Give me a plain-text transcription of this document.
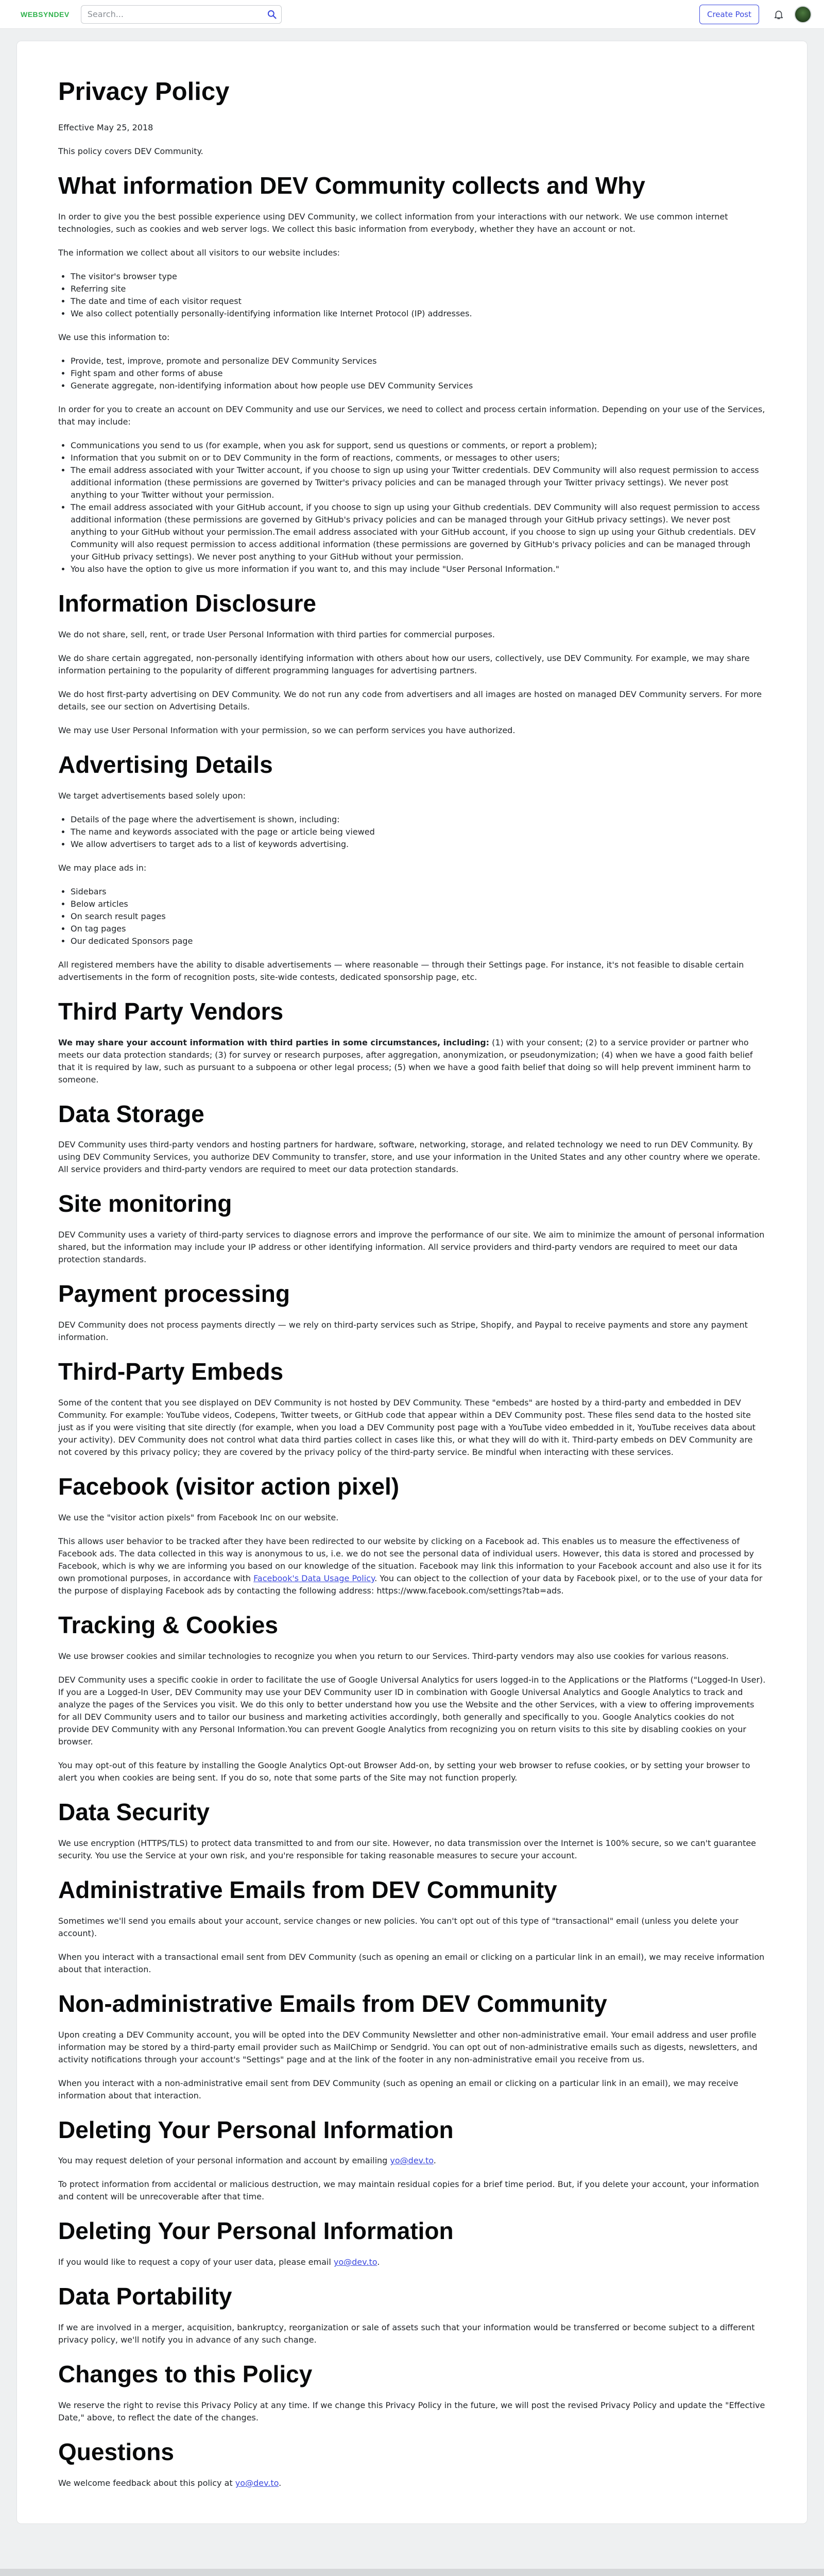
WEBSYNDEV
Search...	Create Post
Privacy Policy

Effective May 25, 2018

This policy covers DEV Community.

What information DEV Community collects and Why

In order to give you the best possible experience using DEV Community, we collect information from your interactions with our network. We use common internet technologies, such as cookies and web server logs. We collect this basic information from everybody, whether they have an account or not.

The information we collect about all visitors to our website includes:

• The visitor's browser type
• Referring site
• The date and time of each visitor request
• We also collect potentially personally-identifying information like Internet Protocol (IP) addresses.

We use this information to:

• Provide, test, improve, promote and personalize DEV Community Services
• Fight spam and other forms of abuse
• Generate aggregate, non-identifying information about how people use DEV Community Services

In order for you to create an account on DEV Community and use our Services, we need to collect and process certain information. Depending on your use of the Services, that may include:

• Communications you send to us (for example, when you ask for support, send us questions or comments, or report a problem);
• Information that you submit on or to DEV Community in the form of reactions, comments, or messages to other users;
• The email address associated with your Twitter account, if you choose to sign up using your Twitter credentials. DEV Community will also request permission to access additional information (these permissions are governed by Twitter's privacy policies and can be managed through your Twitter privacy settings). We never post anything to your Twitter without your permission.
• The email address associated with your GitHub account, if you choose to sign up using your Github credentials. DEV Community will also request permission to access additional information (these permissions are governed by GitHub's privacy policies and can be managed through your GitHub privacy settings). We never post anything to your GitHub without your permission.The email address associated with your GitHub account, if you choose to sign up using your Github credentials. DEV Community will also request permission to access additional information (these permissions are governed by GitHub's privacy policies and can be managed through your GitHub privacy settings). We never post anything to your GitHub without your permission.
• You also have the option to give us more information if you want to, and this may include "User Personal Information."
Information Disclosure

We do not share, sell, rent, or trade User Personal Information with third parties for commercial purposes.

We do share certain aggregated, non-personally identifying information with others about how our users, collectively, use DEV Community. For example, we may share information pertaining to the popularity of different programming languages for advertising partners.

We do host first-party advertising on DEV Community. We do not run any code from advertisers and all images are hosted on managed DEV Community servers. For more details, see our section on Advertising Details.

We may use User Personal Information with your permission, so we can perform services you have authorized.

Advertising Details

We target advertisements based solely upon:

• Details of the page where the advertisement is shown, including:
• The name and keywords associated with the page or article being viewed
• We allow advertisers to target ads to a list of keywords advertising.

We may place ads in:

• Sidebars
• Below articles
• On search result pages
• On tag pages
• Our dedicated Sponsors page

All registered members have the ability to disable advertisements — where reasonable — through their Settings page. For instance, it's not feasible to disable certain advertisements in the form of recognition posts, site-wide contests, dedicated sponsorship page, etc.

Third Party Vendors

We may share your account information with third parties in some circumstances, including: (1) with your consent; (2) to a service provider or partner who meets our data protection standards; (3) for survey or research purposes, after aggregation, anonymization, or pseudonymization; (4) when we have a good faith belief that it is required by law, such as pursuant to a subpoena or other legal process; (5) when we have a good faith belief that doing so will help prevent imminent harm to someone.

Data Storage

DEV Community uses third-party vendors and hosting partners for hardware, software, networking, storage, and related technology we need to run DEV Community. By using DEV Community Services, you authorize DEV Community to transfer, store, and use your information in the United States and any other country where we operate. All service providers and third-party vendors are required to meet our data protection standards.

Site monitoring

DEV Community uses a variety of third-party services to diagnose errors and improve the performance of our site. We aim to minimize the amount of personal information shared, but the information may include your IP address or other identifying information. All service providers and third-party vendors are required to meet our data protection standards.

Payment processing

DEV Community does not process payments directly — we rely on third-party services such as Stripe, Shopify, and Paypal to receive payments and store any payment information.

Third-Party Embeds

Some of the content that you see displayed on DEV Community is not hosted by DEV Community. These "embeds" are hosted by a third-party and embedded in DEV Community. For example: YouTube videos, Codepens, Twitter tweets, or GitHub code that appear within a DEV Community post. These files send data to the hosted site just as if you were visiting that site directly (for example, when you load a DEV Community post page with a YouTube video embedded in it, YouTube receives data about your activity). DEV Community does not control what data third parties collect in cases like this, or what they will do with it. Third-party embeds on DEV Community are not covered by this privacy policy; they are covered by the privacy policy of the third-party service. Be mindful when interacting with these services.

Facebook (visitor action pixel)

We use the "visitor action pixels" from Facebook Inc on our website.

This allows user behavior to be tracked after they have been redirected to our website by clicking on a Facebook ad. This enables us to measure the effectiveness of Facebook ads. The data collected in this way is anonymous to us, i.e. we do not see the personal data of individual users. However, this data is stored and processed by Facebook, which is why we are informing you based on our knowledge of the situation. Facebook may link this information to your Facebook account and also use it for its own promotional purposes, in accordance with Facebook's Data Usage Policy. You can object to the collection of your data by Facebook pixel, or to the use of your data for the purpose of displaying Facebook ads by contacting the following address: https://www.facebook.com/settings?tab=ads.

Tracking & Cookies

We use browser cookies and similar technologies to recognize you when you return to our Services. Third-party vendors may also use cookies for various reasons.

DEV Community uses a specific cookie in order to facilitate the use of Google Universal Analytics for users logged-in to the Applications or the Platforms ("Logged-In User). If you are a Logged-In User, DEV Community may use your DEV Community user ID in combination with Google Universal Analytics and Google Analytics to track and analyze the pages of the Services you visit. We do this only to better understand how you use the Website and the other Services, with a view to offering improvements for all DEV Community users and to tailor our business and marketing activities accordingly, both generally and specifically to you. Google Analytics cookies do not provide DEV Community with any Personal Information.You can prevent Google Analytics from recognizing you on return visits to this site by disabling cookies on your browser.

You may opt-out of this feature by installing the Google Analytics Opt-out Browser Add-on, by setting your web browser to refuse cookies, or by setting your browser to alert you when cookies are being sent. If you do so, note that some parts of the Site may not function properly.

Data Security

We use encryption (HTTPS/TLS) to protect data transmitted to and from our site. However, no data transmission over the Internet is 100% secure, so we can't guarantee security. You use the Service at your own risk, and you're responsible for taking reasonable measures to secure your account.

Administrative Emails from DEV Community

Sometimes we'll send you emails about your account, service changes or new policies. You can't opt out of this type of "transactional" email (unless you delete your account).

When you interact with a transactional email sent from DEV Community (such as opening an email or clicking on a particular link in an email), we may receive information about that interaction.

Non-administrative Emails from DEV Community

Upon creating a DEV Community account, you will be opted into the DEV Community Newsletter and other non-administrative email. Your email address and user profile information may be stored by a third-party email provider such as MailChimp or Sendgrid. You can opt out of non-administrative emails such as digests, newsletters, and activity notifications through your account's "Settings" page and at the link of the footer in any non-administrative email you receive from us.

When you interact with a non-administrative email sent from DEV Community (such as opening an email or clicking on a particular link in an email), we may receive information about that interaction.

Deleting Your Personal Information

You may request deletion of your personal information and account by emailing yo@dev.to.

To protect information from accidental or malicious destruction, we may maintain residual copies for a brief time period. But, if you delete your account, your information and content will be unrecoverable after that time.

Deleting Your Personal Information

If you would like to request a copy of your user data, please email yo@dev.to.

Data Portability

If we are involved in a merger, acquisition, bankruptcy, reorganization or sale of assets such that your information would be transferred or become subject to a different privacy policy, we'll notify you in advance of any such change.

Changes to this Policy

We reserve the right to revise this Privacy Policy at any time. If we change this Privacy Policy in the future, we will post the revised Privacy Policy and update the "Effective Date," above, to reflect the date of the changes.

Questions

We welcome feedback about this policy at yo@dev.to.
